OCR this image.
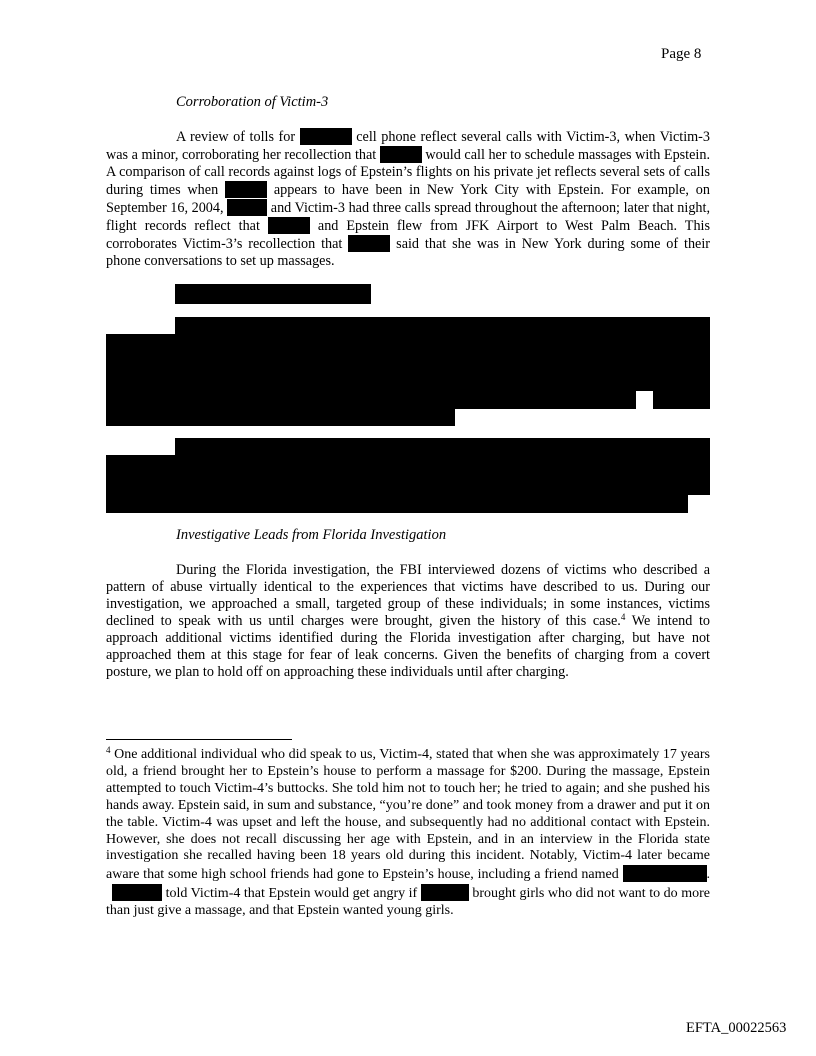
Page 8
Corroboration of Victim-3
A review of tolls for	cell phone reflect several calls with Victim-3, when Victim-3 was a minor, corroborating her recollection that	would call her to schedule massages with Epstein. A comparison of call records against logs of Epstein’s flights on his private jet reflects several sets of calls during times when	appears to have been in New York City with Epstein. For example, on September 16, 2004,	and Victim-3 had three calls spread throughout the afternoon; later that night, flight records reflect that	and Epstein flew from JFK Airport to West Palm Beach. This corroborates Victim-3’s recollection that	said that she was in New York during some of their phone conversations to set up massages.
Investigative Leads from Florida Investigation
During the Florida investigation, the FBI interviewed dozens of victims who described a pattern of abuse virtually identical to the experiences that victims have described to us. During our investigation, we approached a small, targeted group of these individuals; in some instances, victims declined to speak with us until charges were brought, given the history of this case.$^4$ We intend to approach additional victims identified during the Florida investigation after charging, but have not approached them at this stage for fear of leak concerns. Given the benefits of charging from a covert posture, we plan to hold off on approaching these individuals until after charging.
$^4$ One additional individual who did speak to us, Victim-4, stated that when she was approximately 17 years old, a friend brought her to Epstein’s house to perform a massage for $200. During the massage, Epstein attempted to touch Victim-4’s buttocks. She told him not to touch her; he tried to again; and she pushed his hands away. Epstein said, in sum and substance, “you’re done” and took money from a drawer and put it on the table. Victim-4 was upset and left the house, and subsequently had no additional contact with Epstein. However, she does not recall discussing her age with Epstein, and in an interview in the Florida state investigation she recalled having been 18 years old during this incident. Notably, Victim-4 later became aware that some high school friends had gone to Epstein’s house, including a friend named	.  told Victim-4 that Epstein would get angry if	brought girls who did not want to do more than just give a massage, and that Epstein wanted young girls.
EFTA_00022563
